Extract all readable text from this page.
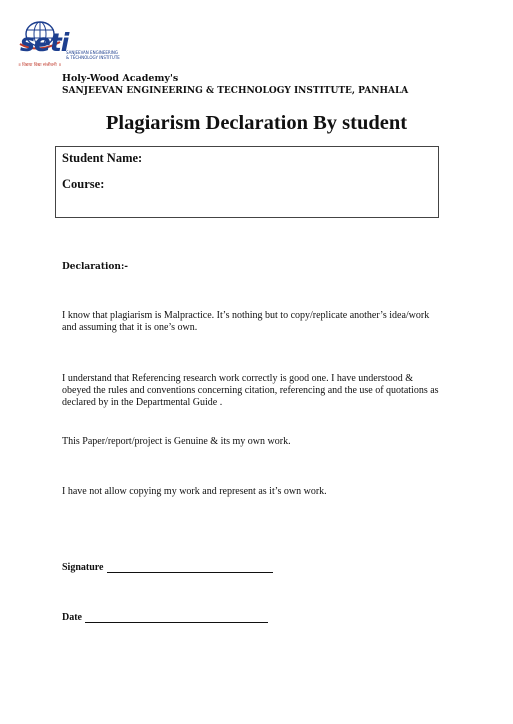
seti
SANJEEVAN ENGINEERING
& TECHNOLOGY INSTITUTE
॥ विद्यया विद्या संजीवनी ॥
Holy-Wood Academy's
SANJEEVAN ENGINEERING & TECHNOLOGY INSTITUTE, PANHALA
Plagiarism Declaration By student
Student Name:
Course:
Declaration:-
I know that plagiarism is Malpractice. It’s nothing but to copy/replicate another’s idea/work and assuming that it is one’s own.
I understand that Referencing research work correctly is good one. I have understood & obeyed the rules and conventions concerning citation, referencing and the use of quotations as declared by in the Departmental Guide .
This Paper/report/project is Genuine & its my own work.
I have not allow copying my work and represent as it’s own work.
Signature
Date
